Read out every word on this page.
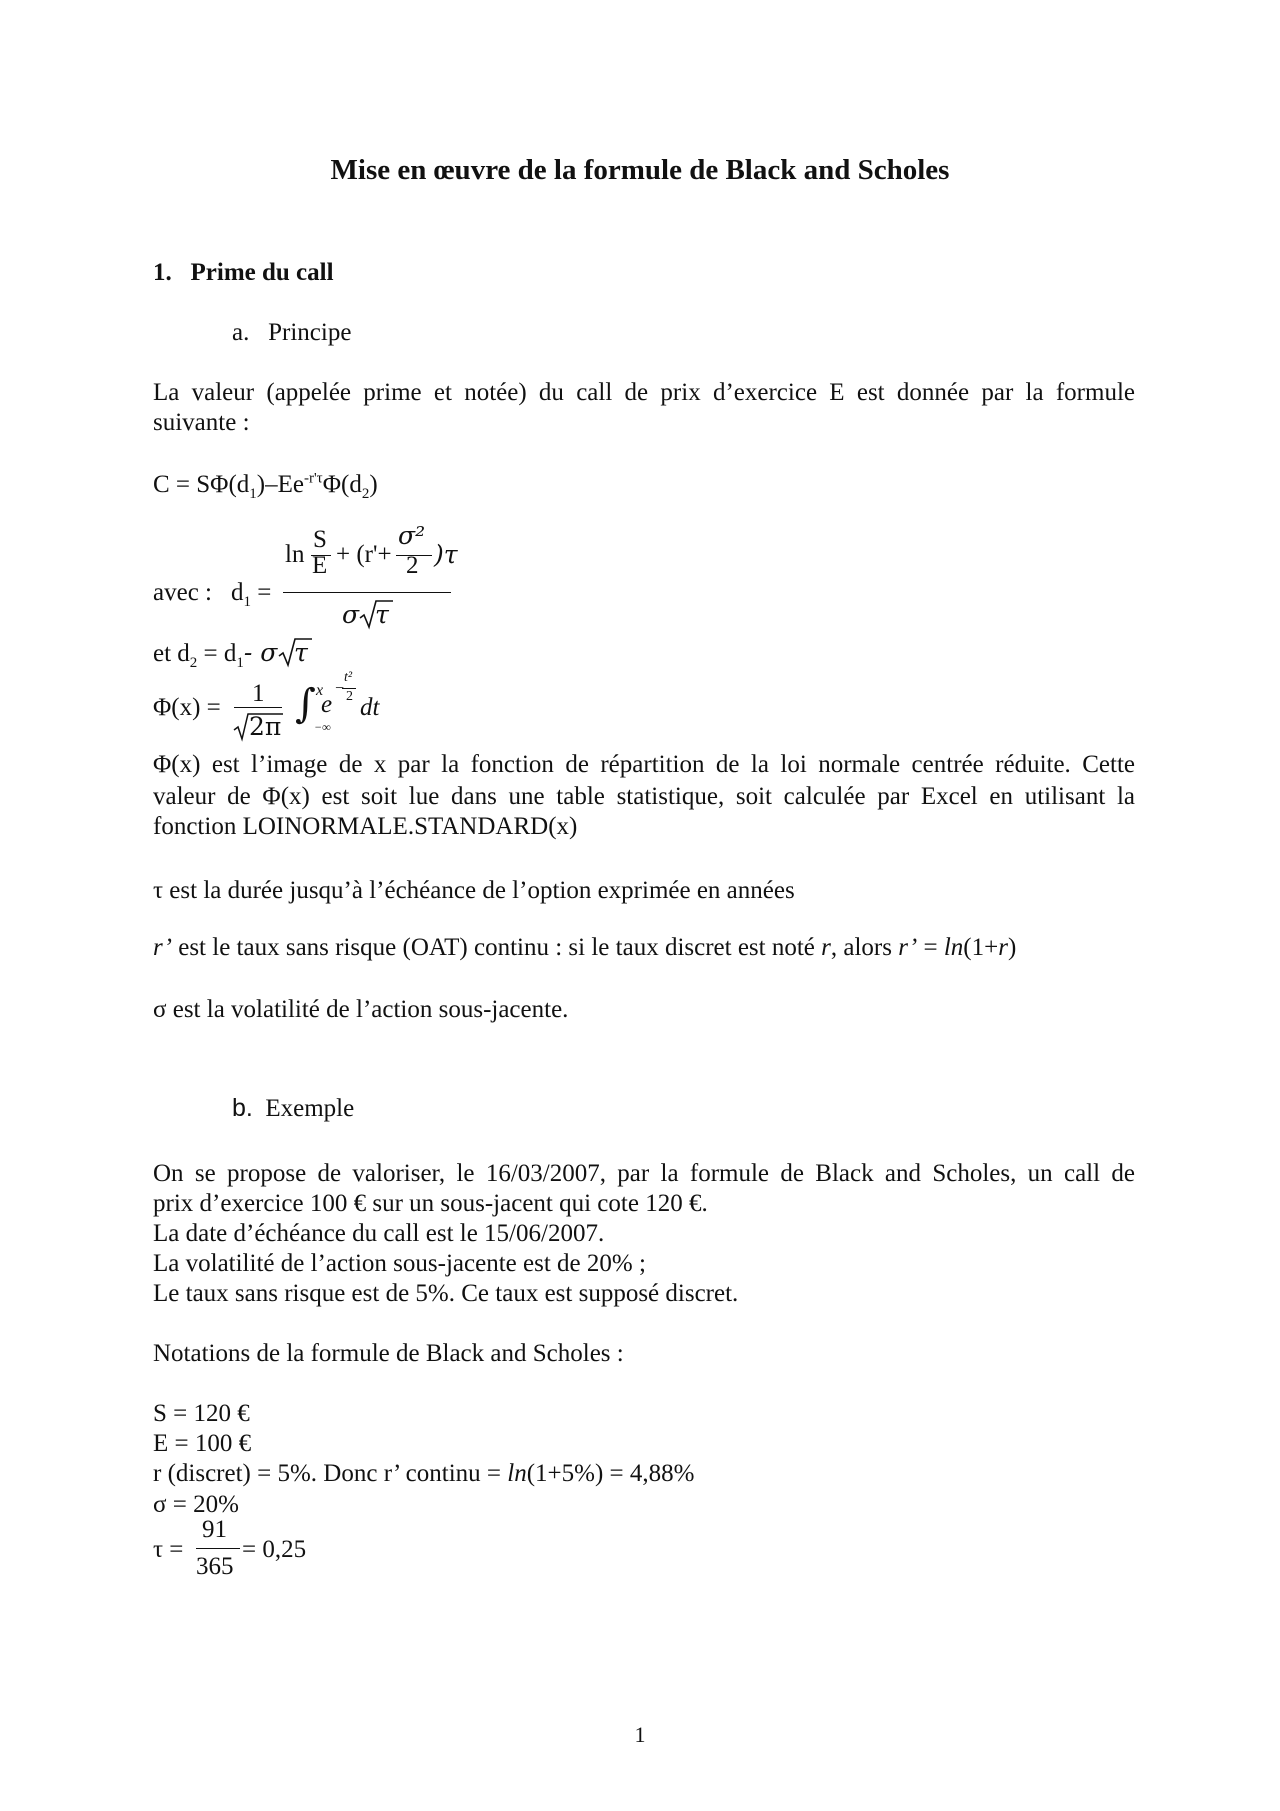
Mise en œuvre de la formule de Black and Scholes
1. Prime du call
a. Principe
La valeur (appelée prime et notée) du call de prix d’exercice E est donnée par la formule
suivante :
$C = S\Phi(d_1)-Ee^{-r'\tau}\Phi(d_2)$
avec : $d_1$ =
ln
S
E + (r'+
σ²
2 )τ
σ τ
et $d_2 = d_1-$ σ τ
Φ(x) =
1
2π ∫ x
−∞
e
−
t²
2 dt
Φ(x) est l’image de x par la fonction de répartition de la loi normale centrée réduite. Cette
valeur de Φ(x) est soit lue dans une table statistique, soit calculée par Excel en utilisant la
fonction LOINORMALE.STANDARD(x)
τ est la durée jusqu’à l’échéance de l’option exprimée en années
r’ est le taux sans risque (OAT) continu : si le taux discret est noté r, alors r’ = ln(1+r)
σ est la volatilité de l’action sous-jacente.
b. Exemple
On se propose de valoriser, le 16/03/2007, par la formule de Black and Scholes, un call de
prix d’exercice 100 € sur un sous-jacent qui cote 120 €.
La date d’échéance du call est le 15/06/2007.
La volatilité de l’action sous-jacente est de 20% ;
Le taux sans risque est de 5%. Ce taux est supposé discret.
Notations de la formule de Black and Scholes :
S = 120 €
E = 100 €
r (discret) = 5%. Donc r’ continu = ln(1+5%) = 4,88%
σ = 20%
τ =
91
365
= 0,25
1
